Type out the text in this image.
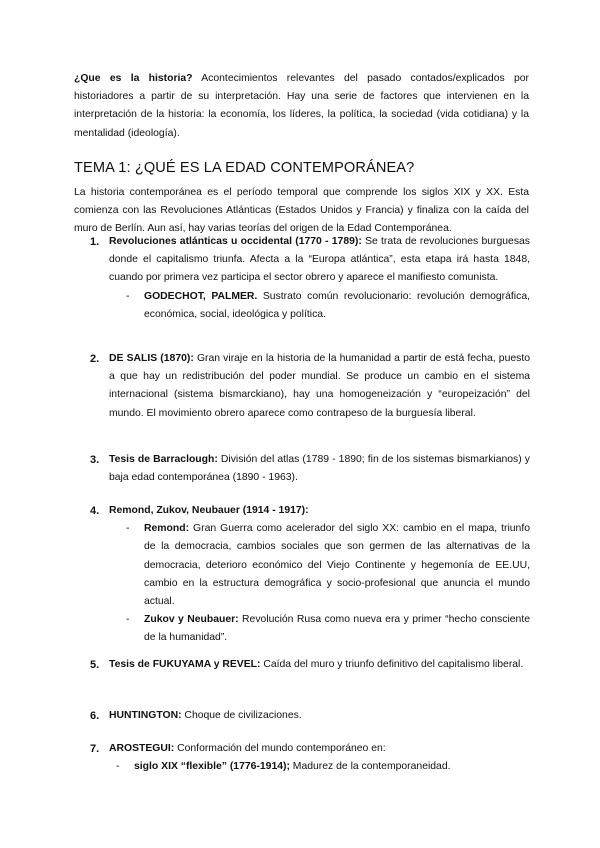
¿Que es la historia? Acontecimientos relevantes del pasado contados/explicados por historiadores a partir de su interpretación. Hay una serie de factores que intervienen en la interpretación de la historia: la economía, los líderes, la política, la sociedad (vida cotidiana) y la mentalidad (ideología).

TEMA 1: ¿QUÉ ES LA EDAD CONTEMPORÁNEA?

La historia contemporánea es el período temporal que comprende los siglos XIX y XX. Esta comienza con las Revoluciones Atlánticas (Estados Unidos y Francia) y finaliza con la caída del muro de Berlín. Aun así, hay varias teorías del origen de la Edad Contemporánea.

1. Revoluciones atlánticas u occidental (1770 - 1789): Se trata de revoluciones burguesas donde el capitalismo triunfa. Afecta a la “Europa atlántica”, esta etapa irá hasta 1848, cuando por primera vez participa el sector obrero y aparece el manifiesto comunista.
- GODECHOT, PALMER. Sustrato común revolucionario: revolución demográfica, económica, social, ideológica y política.
2. DE SALIS (1870): Gran viraje en la historia de la humanidad a partir de está fecha, puesto a que hay un redistribución del poder mundial. Se produce un cambio en el sistema internacional (sistema bismarckiano), hay una homogeneización y “europeización” del mundo. El movimiento obrero aparece como contrapeso de la burguesía liberal.
3. Tesis de Barraclough: División del atlas (1789 - 1890; fin de los sistemas bismarkianos) y baja edad contemporánea (1890 - 1963).
4. Remond, Zukov, Neubauer (1914 - 1917):
- Remond: Gran Guerra como acelerador del siglo XX: cambio en el mapa, triunfo de la democracia, cambios sociales que son germen de las alternativas de la democracia, deterioro económico del Viejo Continente y hegemonía de EE.UU, cambio en la estructura demográfica y socio-profesional que anuncia el mundo actual.
- Zukov y Neubauer: Revolución Rusa como nueva era y primer “hecho consciente de la humanidad”.
5. Tesis de FUKUYAMA y REVEL: Caída del muro y triunfo definitivo del capitalismo liberal.
6. HUNTINGTON: Choque de civilizaciones.
7. AROSTEGUI: Conformación del mundo contemporáneo en:
- siglo XIX “flexible” (1776-1914); Madurez de la contemporaneidad.
